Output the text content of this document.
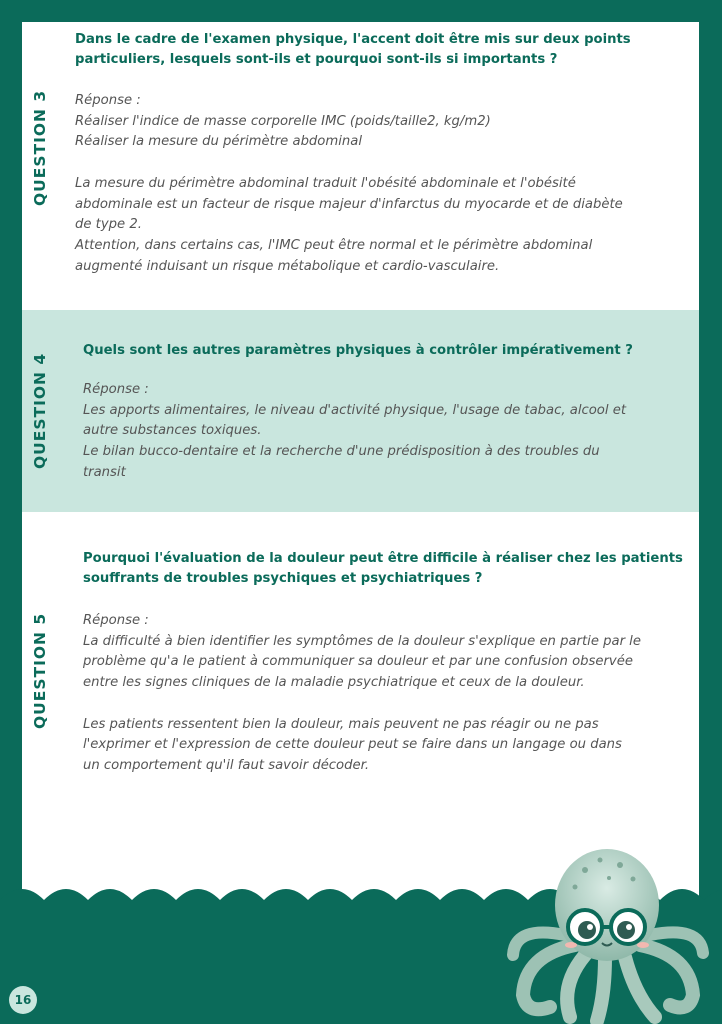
QUESTION 3
Dans le cadre de l'examen physique, l'accent doit être mis sur deux points
particuliers, lesquels sont-ils et pourquoi sont-ils si importants ?

Réponse :

Réaliser l'indice de masse corporelle IMC (poids/taille2, kg/m2)

Réaliser la mesure du périmètre abdominal

La mesure du périmètre abdominal traduit l'obésité abdominale et l'obésité

abdominale est un facteur de risque majeur d'infarctus du myocarde et de diabète

de type 2.

Attention, dans certains cas, l'IMC peut être normal et le périmètre abdominal

augmenté induisant un risque métabolique et cardio-vasculaire.

QUESTION 4
Quels sont les autres paramètres physiques à contrôler impérativement ?

Réponse :

Les apports alimentaires, le niveau d'activité physique, l'usage de tabac, alcool et

autre substances toxiques.

Le bilan bucco-dentaire et la recherche d'une prédisposition à des troubles du

transit

QUESTION 5
Pourquoi l'évaluation de la douleur peut être difficile à réaliser chez les patients
souffrants de troubles psychiques et psychiatriques ?

Réponse :

La difficulté à bien identifier les symptômes de la douleur s'explique en partie par le

problème qu'a le patient à communiquer sa douleur et par une confusion observée

entre les signes cliniques de la maladie psychiatrique et ceux de la douleur.

Les patients ressentent bien la douleur, mais peuvent ne pas réagir ou ne pas

l'exprimer et l'expression de cette douleur peut se faire dans un langage ou dans

un comportement qu'il faut savoir décoder.

16
